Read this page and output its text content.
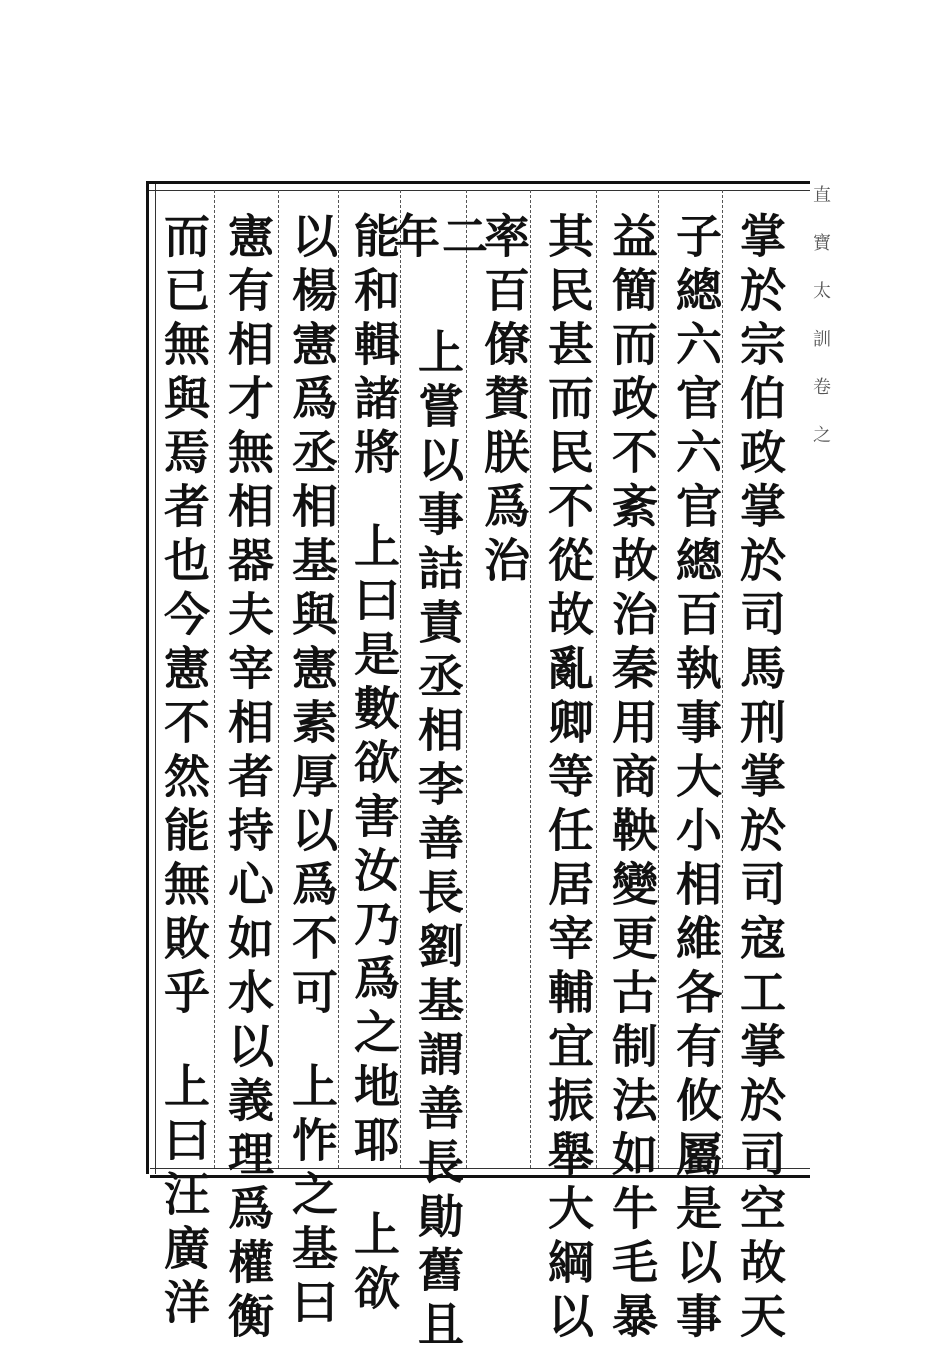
掌於宗伯政掌於司馬刑掌於司寇工掌於司空故天
子總六官六官總百執事大小相維各有攸屬是以事
益簡而政不紊故治秦用商鞅變更古制法如牛毛暴
其民甚而民不從故亂卿等任居宰輔宜振舉大綱以
率百僚賛朕爲治
二年
上嘗以事詰責丞相李善長劉基謂善長勛舊且
能和輯諸將
上曰是數欲害汝乃爲之地耶
上欲
以楊憲爲丞相基與憲素厚以爲不可
上怍之基曰
憲有相才無相器夫宰相者持心如水以義理爲權衡
而已無與焉者也今憲不然能無敗乎
上曰汪廣洋
直寶太訓卷之
